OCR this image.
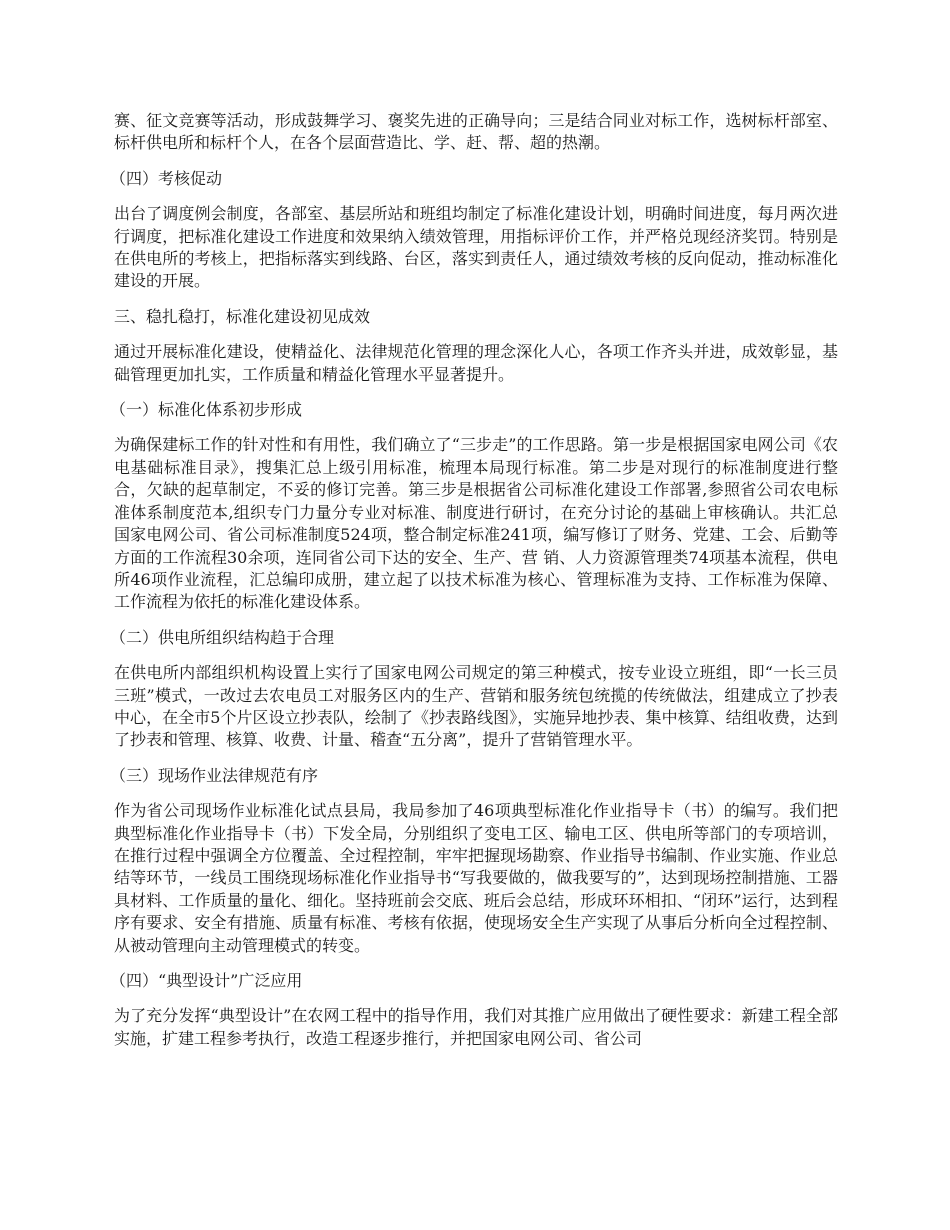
赛、征文竞赛等活动，形成鼓舞学习、褒奖先进的正确导向；三是结合同业对标工作，选树标杆部室、标杆供电所和标杆个人，在各个层面营造比、学、赶、帮、超的热潮。

（四）考核促动

出台了调度例会制度，各部室、基层所站和班组均制定了标准化建设计划，明确时间进度，每月两次进行调度，把标准化建设工作进度和效果纳入绩效管理，用指标评价工作，并严格兑现经济奖罚。特别是在供电所的考核上，把指标落实到线路、台区，落实到责任人，通过绩效考核的反向促动，推动标准化建设的开展。

三、稳扎稳打，标准化建设初见成效

通过开展标准化建设，使精益化、法律规范化管理的理念深化人心，各项工作齐头并进，成效彰显，基础管理更加扎实，工作质量和精益化管理水平显著提升。

（一）标准化体系初步形成

为确保建标工作的针对性和有用性，我们确立了“三步走”的工作思路。第一步是根据国家电网公司《农电基础标准目录》，搜集汇总上级引用标准，梳理本局现行标准。第二步是对现行的标准制度进行整合，欠缺的起草制定，不妥的修订完善。第三步是根据省公司标准化建设工作部署,参照省公司农电标准体系制度范本,组织专门力量分专业对标准、制度进行研讨，在充分讨论的基础上审核确认。共汇总国家电网公司、省公司标准制度524项，整合制定标准241项，编写修订了财务、党建、工会、后勤等方面的工作流程30余项，连同省公司下达的安全、生产、营 销、人力资源管理类74项基本流程，供电所46项作业流程，汇总编印成册，建立起了以技术标准为核心、管理标准为支持、工作标准为保障、工作流程为依托的标准化建设体系。

（二）供电所组织结构趋于合理

在供电所内部组织机构设置上实行了国家电网公司规定的第三种模式，按专业设立班组，即“一长三员三班”模式，一改过去农电员工对服务区内的生产、营销和服务统包统揽的传统做法，组建成立了抄表中心，在全市5个片区设立抄表队，绘制了《抄表路线图》，实施异地抄表、集中核算、结组收费，达到了抄表和管理、核算、收费、计量、稽查“五分离”，提升了营销管理水平。

（三）现场作业法律规范有序

作为省公司现场作业标准化试点县局，我局参加了46项典型标准化作业指导卡（书）的编写。我们把典型标准化作业指导卡（书）下发全局，分别组织了变电工区、输电工区、供电所等部门的专项培训，在推行过程中强调全方位覆盖、全过程控制，牢牢把握现场勘察、作业指导书编制、作业实施、作业总结等环节，一线员工围绕现场标准化作业指导书“写我要做的，做我要写的”，达到现场控制措施、工器具材料、工作质量的量化、细化。坚持班前会交底、班后会总结，形成环环相扣、“闭环”运行，达到程序有要求、安全有措施、质量有标准、考核有依据，使现场安全生产实现了从事后分析向全过程控制、从被动管理向主动管理模式的转变。

（四）“典型设计”广泛应用

为了充分发挥“典型设计”在农网工程中的指导作用，我们对其推广应用做出了硬性要求：新建工程全部实施，扩建工程参考执行，改造工程逐步推行，并把国家电网公司、省公司
